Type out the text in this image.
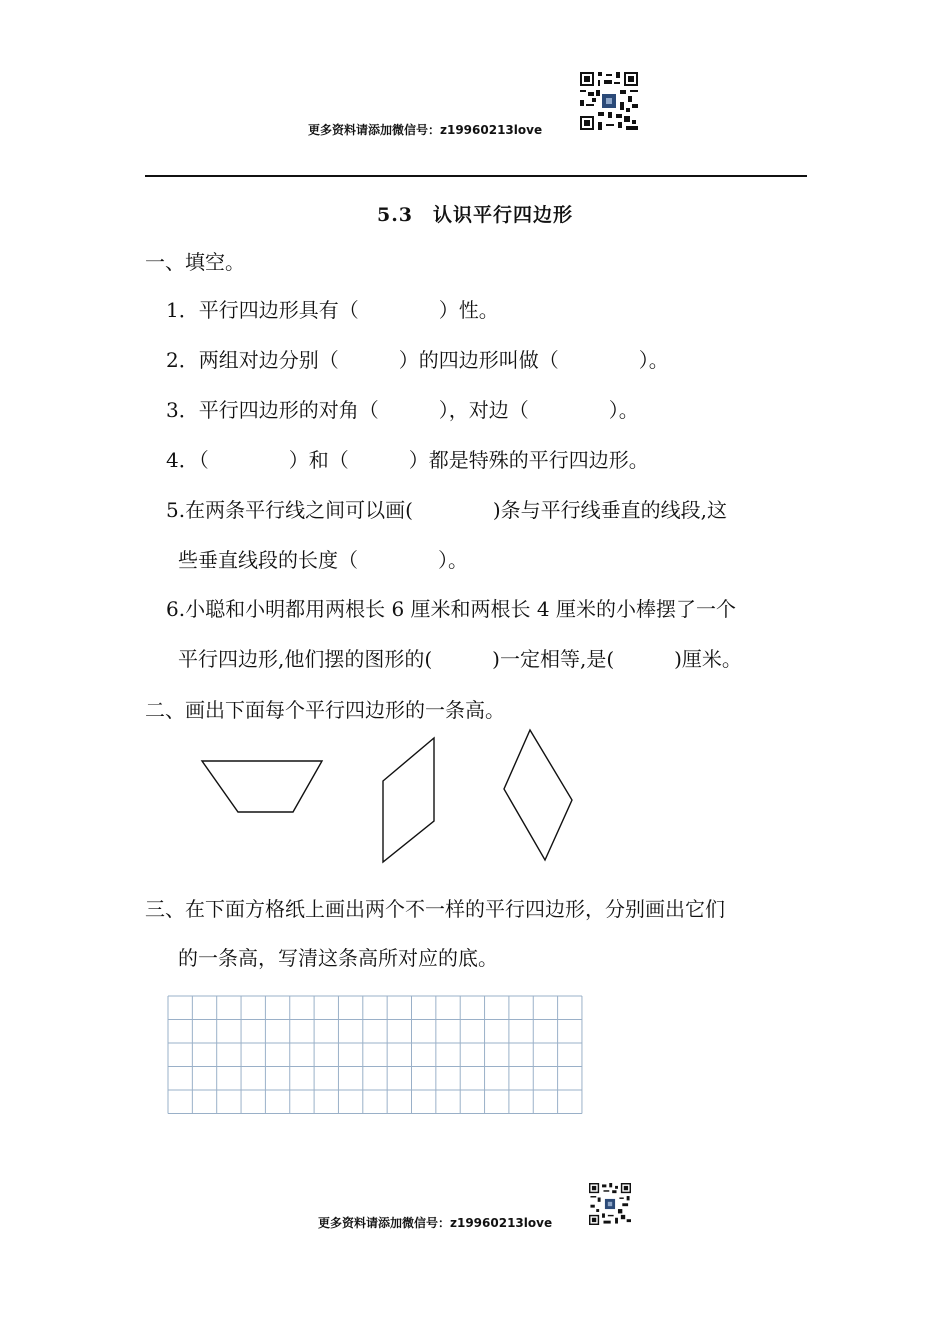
更多资料请添加微信号：z19960213love
5.3　认识平行四边形
一、填空。
1．平行四边形具有（　　　　）性。
2．两组对边分别（　　　）的四边形叫做（　　　　）。
3．平行四边形的对角（　　　），对边（　　　　）。
4．（　　　　）和（　　　）都是特殊的平行四边形。
5.在两条平行线之间可以画(　　　　)条与平行线垂直的线段,这
些垂直线段的长度（　　　　）。
6.小聪和小明都用两根长 6 厘米和两根长 4 厘米的小棒摆了一个
平行四边形,他们摆的图形的(　　　)一定相等,是(　　　)厘米。
二、画出下面每个平行四边形的一条高。
三、在下面方格纸上画出两个不一样的平行四边形，分别画出它们
的一条高，写清这条高所对应的底。
更多资料请添加微信号：z19960213love
